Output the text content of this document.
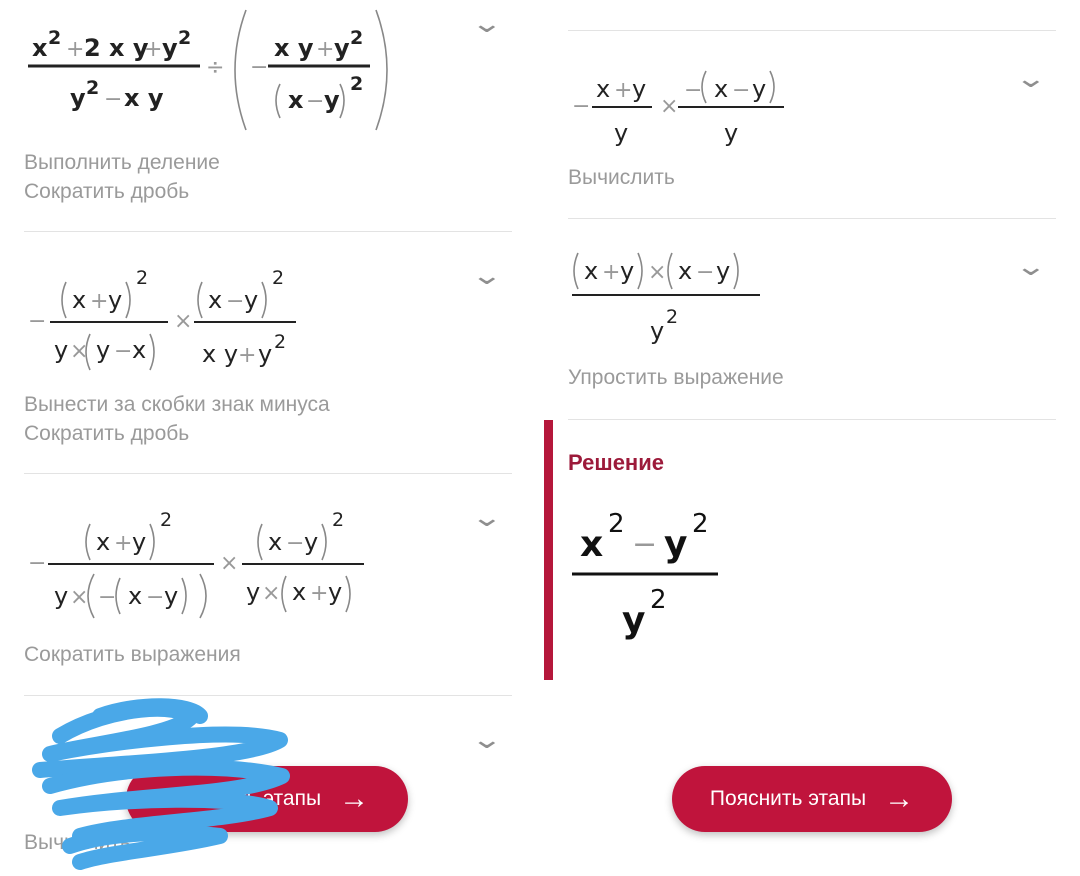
x 2 + 2 x y
+ y 2
y 2 − x y
÷ −
x y + y 2
x − y
2
⌄
Выполнить деление
Сократить дробь
−
x + y
2
y × y − x
×
x − y
2
x y + y 2
⌄
Вынести за скобки знак минуса
Сократить дробь
−
x + y
2
y × − x − y
×
x − y
2
y × x + y
⌄
Сократить выражения
⌄
Вычислить
Пояснить этапы →
−
x + y
y
×
− x − y
y
⌄
Вычислить
x + y × x − y
y 2
⌄
Упростить выражение
Решение
x 2
− y 2
y 2
Пояснить этапы →
